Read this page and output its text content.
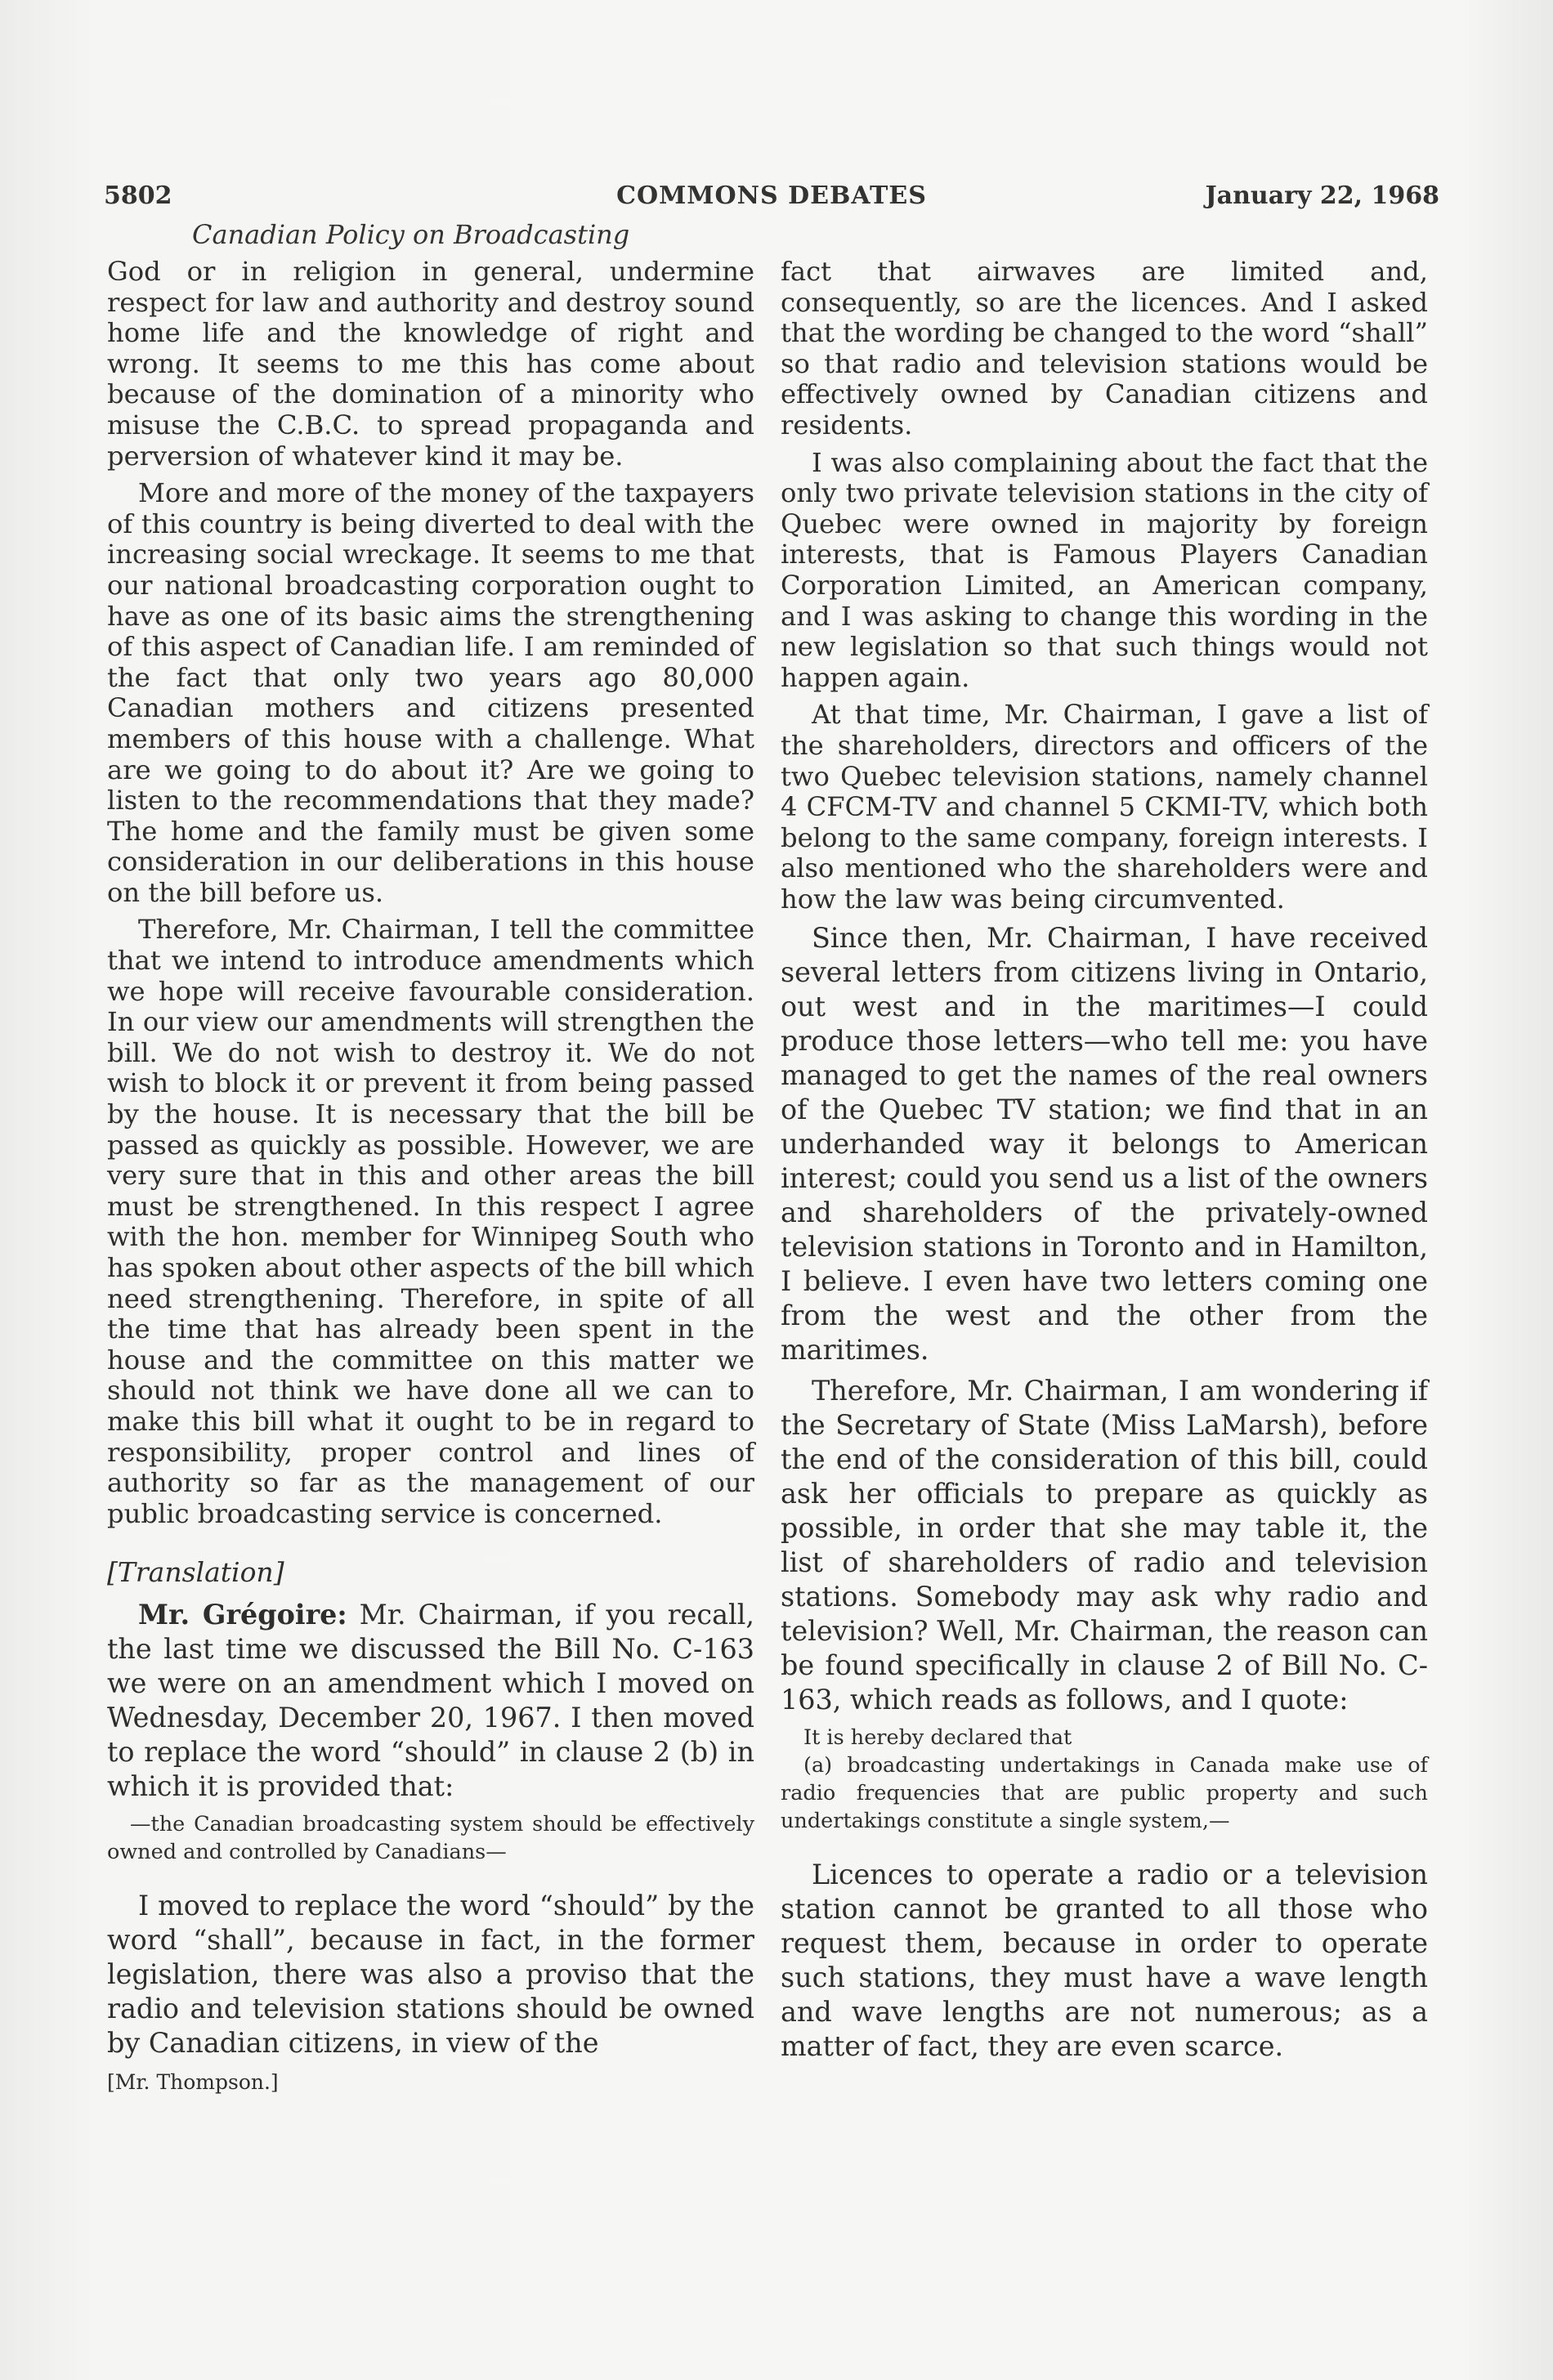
5802	COMMONS DEBATES	January 22, 1968
Canadian Policy on Broadcasting

God or in religion in general, undermine respect for law and authority and destroy sound home life and the knowledge of right and wrong. It seems to me this has come about because of the domination of a minority who misuse the C.B.C. to spread propaganda and perversion of whatever kind it may be.

More and more of the money of the taxpayers of this country is being diverted to deal with the increasing social wreckage. It seems to me that our national broadcasting corporation ought to have as one of its basic aims the strengthening of this aspect of Canadian life. I am reminded of the fact that only two years ago 80,000 Canadian mothers and citizens presented members of this house with a challenge. What are we going to do about it? Are we going to listen to the recommendations that they made? The home and the family must be given some consideration in our deliberations in this house on the bill before us.

Therefore, Mr. Chairman, I tell the committee that we intend to introduce amendments which we hope will receive favourable consideration. In our view our amendments will strengthen the bill. We do not wish to destroy it. We do not wish to block it or prevent it from being passed by the house. It is necessary that the bill be passed as quickly as possible. However, we are very sure that in this and other areas the bill must be strengthened. In this respect I agree with the hon. member for Winnipeg South who has spoken about other aspects of the bill which need strengthening. Therefore, in spite of all the time that has already been spent in the house and the committee on this matter we should not think we have done all we can to make this bill what it ought to be in regard to responsibility, proper control and lines of authority so far as the management of our public broadcasting service is concerned.

[Translation]

Mr. Grégoire: Mr. Chairman, if you recall, the last time we discussed the Bill No. C-163 we were on an amendment which I moved on Wednesday, December 20, 1967. I then moved to replace the word “should” in clause 2 (b) in which it is provided that:

—the Canadian broadcasting system should be effectively owned and controlled by Canadians—

I moved to replace the word “should” by the word “shall”, because in fact, in the former legislation, there was also a proviso that the radio and television stations should be owned by Canadian citizens, in view of the

[Mr. Thompson.]

fact that airwaves are limited and, consequently, so are the licences. And I asked that the wording be changed to the word “shall” so that radio and television stations would be effectively owned by Canadian citizens and residents.

I was also complaining about the fact that the only two private television stations in the city of Quebec were owned in majority by foreign interests, that is Famous Players Canadian Corporation Limited, an American company, and I was asking to change this wording in the new legislation so that such things would not happen again.

At that time, Mr. Chairman, I gave a list of the shareholders, directors and officers of the two Quebec television stations, namely channel 4 CFCM-TV and channel 5 CKMI-TV, which both belong to the same company, foreign interests. I also mentioned who the shareholders were and how the law was being circumvented.

Since then, Mr. Chairman, I have received several letters from citizens living in Ontario, out west and in the maritimes—I could produce those letters—who tell me: you have managed to get the names of the real owners of the Quebec TV station; we find that in an underhanded way it belongs to American interest; could you send us a list of the owners and shareholders of the privately-owned television stations in Toronto and in Hamilton, I believe. I even have two letters coming one from the west and the other from the maritimes.

Therefore, Mr. Chairman, I am wondering if the Secretary of State (Miss LaMarsh), before the end of the consideration of this bill, could ask her officials to prepare as quickly as possible, in order that she may table it, the list of shareholders of radio and television stations. Somebody may ask why radio and television? Well, Mr. Chairman, the reason can be found specifically in clause 2 of Bill No. C-163, which reads as follows, and I quote:

It is hereby declared that

(a) broadcasting undertakings in Canada make use of radio frequencies that are public property and such undertakings constitute a single system,—

Licences to operate a radio or a television station cannot be granted to all those who request them, because in order to operate such stations, they must have a wave length and wave lengths are not numerous; as a matter of fact, they are even scarce.
